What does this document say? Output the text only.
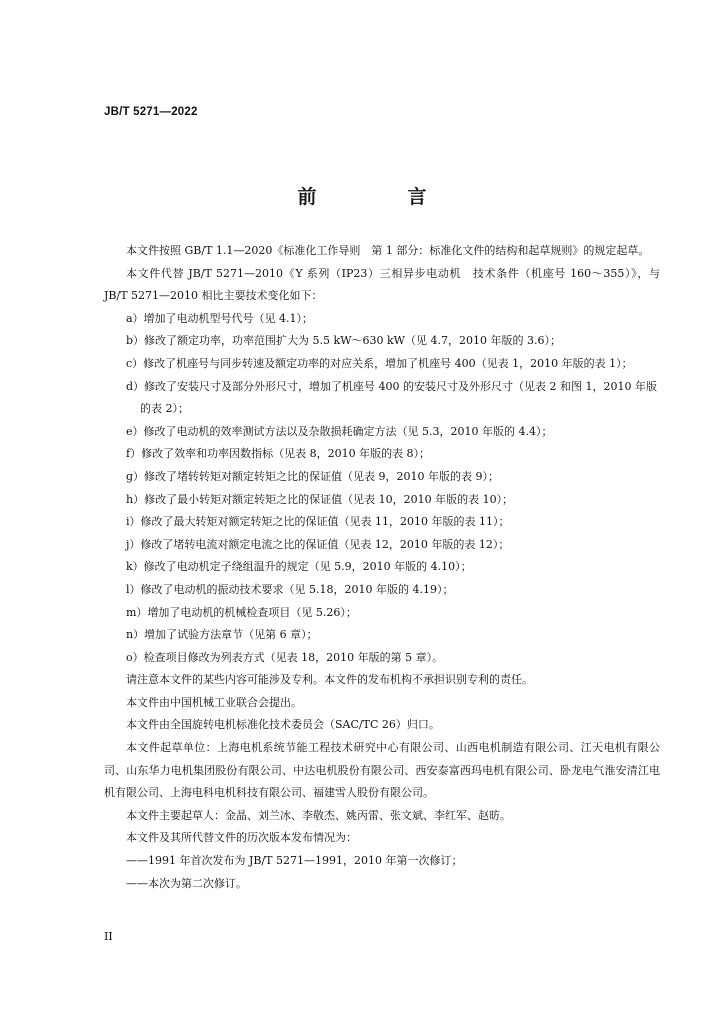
JB/T 5271—2022
前　言

本文件按照 GB/T 1.1—2020《标准化工作导则　第 1 部分：标准化文件的结构和起草规则》的规定起草。

本文件代替 JB/T 5271—2010《Y 系列（IP23）三相异步电动机　技术条件（机座号 160～355）》，与 JB/T 5271—2010 相比主要技术变化如下：

a）增加了电动机型号代号（见 4.1）；

b）修改了额定功率，功率范围扩大为 5.5 kW～630 kW（见 4.7，2010 年版的 3.6）；

c）修改了机座号与同步转速及额定功率的对应关系，增加了机座号 400（见表 1，2010 年版的表 1）；

d）修改了安装尺寸及部分外形尺寸，增加了机座号 400 的安装尺寸及外形尺寸（见表 2 和图 1，2010 年版的表 2）；

e）修改了电动机的效率测试方法以及杂散损耗确定方法（见 5.3，2010 年版的 4.4）；

f）修改了效率和功率因数指标（见表 8，2010 年版的表 8）；

g）修改了堵转转矩对额定转矩之比的保证值（见表 9，2010 年版的表 9）；

h）修改了最小转矩对额定转矩之比的保证值（见表 10，2010 年版的表 10）；

i）修改了最大转矩对额定转矩之比的保证值（见表 11，2010 年版的表 11）；

j）修改了堵转电流对额定电流之比的保证值（见表 12，2010 年版的表 12）；

k）修改了电动机定子绕组温升的规定（见 5.9，2010 年版的 4.10）；

l）修改了电动机的振动技术要求（见 5.18，2010 年版的 4.19）；

m）增加了电动机的机械检查项目（见 5.26）；

n）增加了试验方法章节（见第 6 章）；

o）检查项目修改为列表方式（见表 18，2010 年版的第 5 章）。

请注意本文件的某些内容可能涉及专利。本文件的发布机构不承担识别专利的责任。

本文件由中国机械工业联合会提出。

本文件由全国旋转电机标准化技术委员会（SAC/TC 26）归口。

本文件起草单位：上海电机系统节能工程技术研究中心有限公司、山西电机制造有限公司、江天电机有限公司、山东华力电机集团股份有限公司、中达电机股份有限公司、西安泰富西玛电机有限公司、卧龙电气淮安清江电机有限公司、上海电科电机科技有限公司、福建雪人股份有限公司。

本文件主要起草人：金晶、刘兰冰、李敬杰、姚丙雷、张文斌、李红军、赵昉。

本文件及其所代替文件的历次版本发布情况为：

——1991 年首次发布为 JB/T 5271—1991，2010 年第一次修订；

——本次为第二次修订。

II
